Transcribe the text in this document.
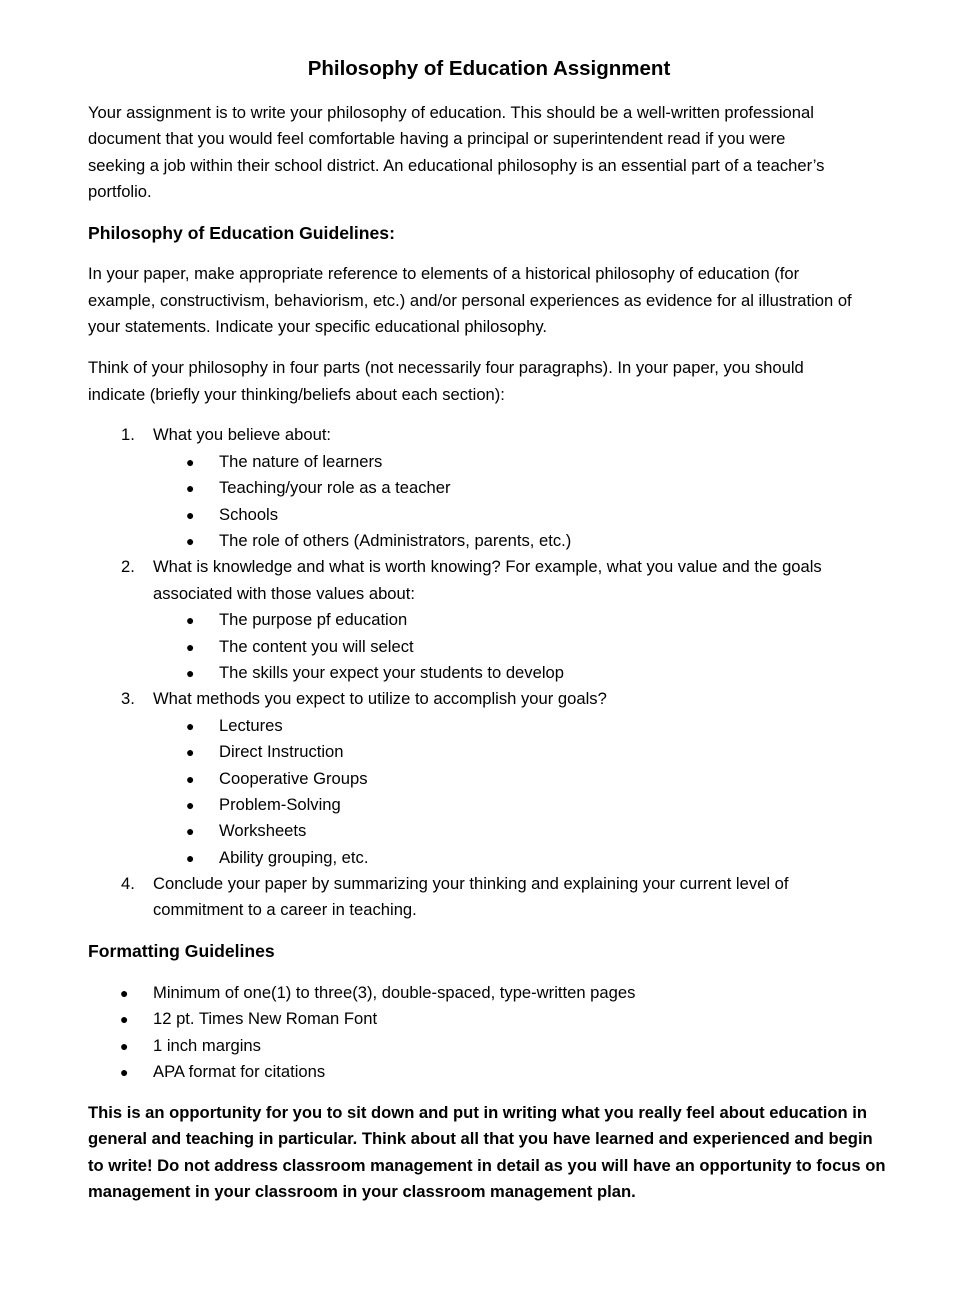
Philosophy of Education Assignment
Your assignment is to write your philosophy of education. This should be a well-written professional
document that you would feel comfortable having a principal or superintendent read if you were
seeking a job within their school district. An educational philosophy is an essential part of a teacher’s
portfolio.
Philosophy of Education Guidelines:
In your paper, make appropriate reference to elements of a historical philosophy of education (for
example, constructivism, behaviorism, etc.) and/or personal experiences as evidence for al illustration of
your statements. Indicate your specific educational philosophy.
Think of your philosophy in four parts (not necessarily four paragraphs). In your paper, you should
indicate (briefly your thinking/beliefs about each section):
1. What you believe about:
● The nature of learners
● Teaching/your role as a teacher
● Schools
● The role of others (Administrators, parents, etc.)
2. What is knowledge and what is worth knowing? For example, what you value and the goals
associated with those values about:
● The purpose pf education
● The content you will select
● The skills your expect your students to develop
3. What methods you expect to utilize to accomplish your goals?
● Lectures
● Direct Instruction
● Cooperative Groups
● Problem-Solving
● Worksheets
● Ability grouping, etc.
4. Conclude your paper by summarizing your thinking and explaining your current level of
commitment to a career in teaching.
Formatting Guidelines
● Minimum of one(1) to three(3), double-spaced, type-written pages
● 12 pt. Times New Roman Font
● 1 inch margins
● APA format for citations
This is an opportunity for you to sit down and put in writing what you really feel about education in
general and teaching in particular. Think about all that you have learned and experienced and begin
to write! Do not address classroom management in detail as you will have an opportunity to focus on
management in your classroom in your classroom management plan.
